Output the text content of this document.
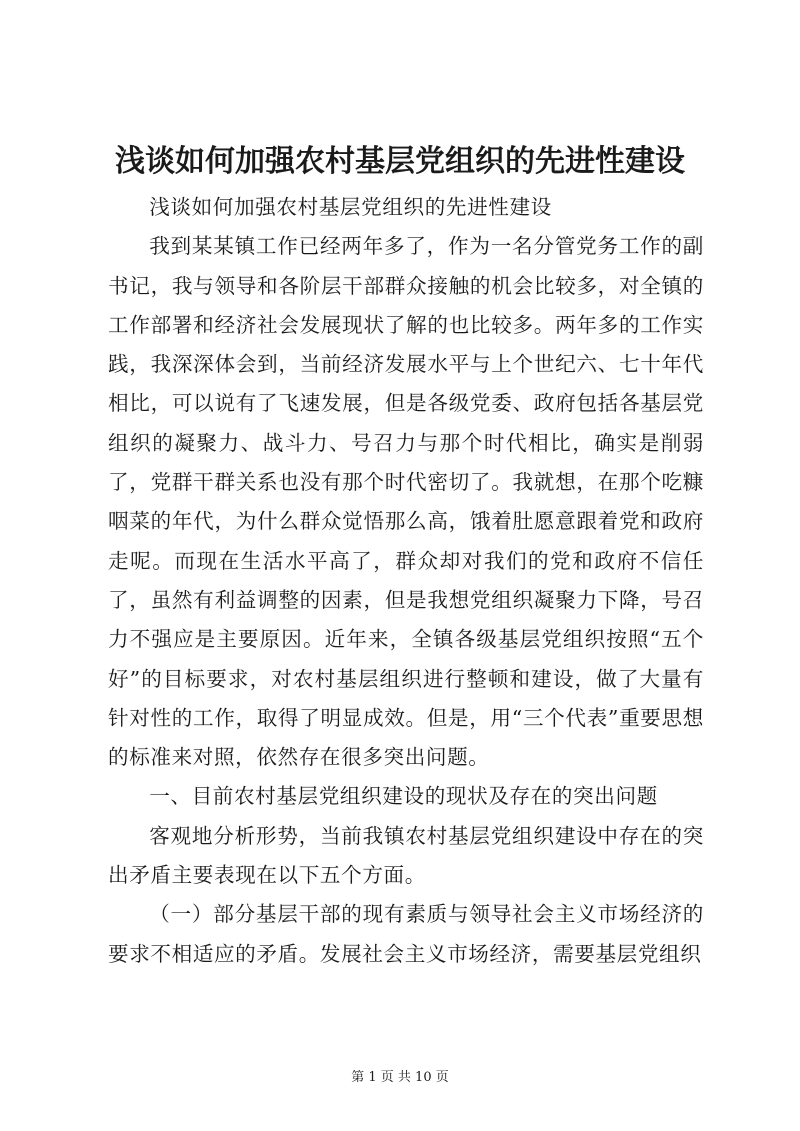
浅谈如何加强农村基层党组织的先进性建设

浅谈如何加强农村基层党组织的先进性建设

我到某某镇工作已经两年多了，作为一名分管党务工作的副书记，我与领导和各阶层干部群众接触的机会比较多，对全镇的工作部署和经济社会发展现状了解的也比较多。两年多的工作实践，我深深体会到，当前经济发展水平与上个世纪六、七十年代相比，可以说有了飞速发展，但是各级党委、政府包括各基层党组织的凝聚力、战斗力、号召力与那个时代相比，确实是削弱了，党群干群关系也没有那个时代密切了。我就想，在那个吃糠咽菜的年代，为什么群众觉悟那么高，饿着肚愿意跟着党和政府走呢。而现在生活水平高了，群众却对我们的党和政府不信任了，虽然有利益调整的因素，但是我想党组织凝聚力下降，号召力不强应是主要原因。近年来，全镇各级基层党组织按照“五个好”的目标要求，对农村基层组织进行整顿和建设，做了大量有针对性的工作，取得了明显成效。但是，用“三个代表”重要思想的标准来对照，依然存在很多突出问题。

一、目前农村基层党组织建设的现状及存在的突出问题

客观地分析形势，当前我镇农村基层党组织建设中存在的突出矛盾主要表现在以下五个方面。

（一）部分基层干部的现有素质与领导社会主义市场经济的要求不相适应的矛盾。发展社会主义市场经济，需要基层党组织

第 1 页 共 10 页
